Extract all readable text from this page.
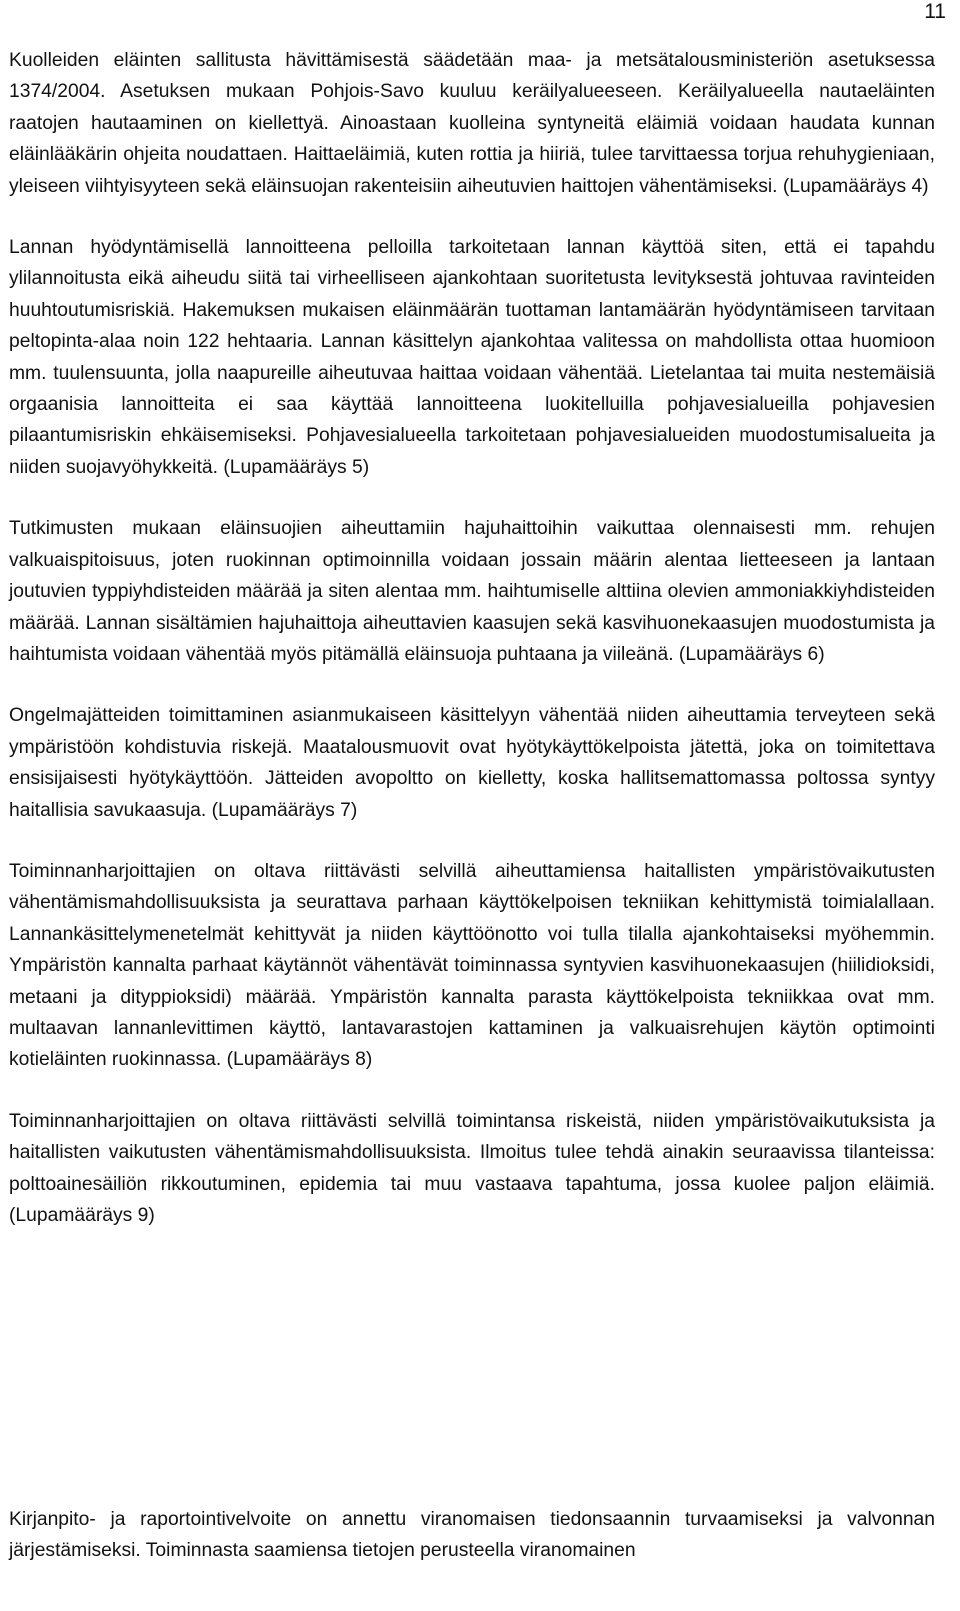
11

Kuolleiden eläinten sallitusta hävittämisestä säädetään maa- ja metsätalousministeriön asetuksessa 1374/2004. Asetuksen mukaan Pohjois-Savo kuuluu keräilyalueeseen. Keräilyalueella nautaeläinten raatojen hautaaminen on kiellettyä. Ainoastaan kuolleina syntyneitä eläimiä voidaan haudata kunnan eläinlääkärin ohjeita noudattaen. Haittaeläimiä, kuten rottia ja hiiriä, tulee tarvittaessa torjua rehuhygieniaan, yleiseen viihtyisyyteen sekä eläinsuojan rakenteisiin aiheutuvien haittojen vähentämiseksi. (Lupamääräys 4)

Lannan hyödyntämisellä lannoitteena pelloilla tarkoitetaan lannan käyttöä siten, että ei tapahdu ylilannoitusta eikä aiheudu siitä tai virheelliseen ajankohtaan suoritetusta levityksestä johtuvaa ravinteiden huuhtoutumisriskiä. Hakemuksen mukaisen eläinmäärän tuottaman lantamäärän hyödyntämiseen tarvitaan peltopinta-alaa noin 122 hehtaaria. Lannan käsittelyn ajankohtaa valitessa on mahdollista ottaa huomioon mm. tuulensuunta, jolla naapureille aiheutuvaa haittaa voidaan vähentää. Lietelantaa tai muita nestemäisiä orgaanisia lannoitteita ei saa käyttää lannoitteena luokitelluilla pohjavesialueilla pohjavesien pilaantumisriskin ehkäisemiseksi. Pohjavesialueella tarkoitetaan pohjavesialueiden muodostumisalueita ja niiden suojavyöhykkeitä. (Lupamääräys 5)

Tutkimusten mukaan eläinsuojien aiheuttamiin hajuhaittoihin vaikuttaa olennaisesti mm. rehujen valkuaispitoisuus, joten ruokinnan optimoinnilla voidaan jossain määrin alentaa lietteeseen ja lantaan joutuvien typpiyhdisteiden määrää ja siten alentaa mm. haihtumiselle alttiina olevien ammoniakkiyhdisteiden määrää. Lannan sisältämien hajuhaittoja aiheuttavien kaasujen sekä kasvihuonekaasujen muodostumista ja haihtumista voidaan vähentää myös pitämällä eläinsuoja puhtaana ja viileänä. (Lupamääräys 6)

Ongelmajätteiden toimittaminen asianmukaiseen käsittelyyn vähentää niiden aiheuttamia terveyteen sekä ympäristöön kohdistuvia riskejä. Maatalousmuovit ovat hyötykäyttökelpoista jätettä, joka on toimitettava ensisijaisesti hyötykäyttöön. Jätteiden avopoltto on kielletty, koska hallitsemattomassa poltossa syntyy haitallisia savukaasuja. (Lupamääräys 7)

Toiminnanharjoittajien on oltava riittävästi selvillä aiheuttamiensa haitallisten ympäristövaikutusten vähentämismahdollisuuksista ja seurattava parhaan käyttökelpoisen tekniikan kehittymistä toimialallaan. Lannankäsittelymenetelmät kehittyvät ja niiden käyttöönotto voi tulla tilalla ajankohtaiseksi myöhemmin. Ympäristön kannalta parhaat käytännöt vähentävät toiminnassa syntyvien kasvihuonekaasujen (hiilidioksidi, metaani ja dityppioksidi) määrää. Ympäristön kannalta parasta käyttökelpoista tekniikkaa ovat mm. multaavan lannanlevittimen käyttö, lantavarastojen kattaminen ja valkuaisrehujen käytön optimointi kotieläinten ruokinnassa. (Lupamääräys 8)

Toiminnanharjoittajien on oltava riittävästi selvillä toimintansa riskeistä, niiden ympäristövaikutuksista ja haitallisten vaikutusten vähentämismahdollisuuksista. Ilmoitus tulee tehdä ainakin seuraavissa tilanteissa: polttoainesäiliön rikkoutuminen, epidemia tai muu vastaava tapahtuma, jossa kuolee paljon eläimiä. (Lupamääräys 9)

Kirjanpito- ja raportointivelvoite on annettu viranomaisen tiedonsaannin turvaamiseksi ja valvonnan järjestämiseksi. Toiminnasta saamiensa tietojen perusteella viranomainen
